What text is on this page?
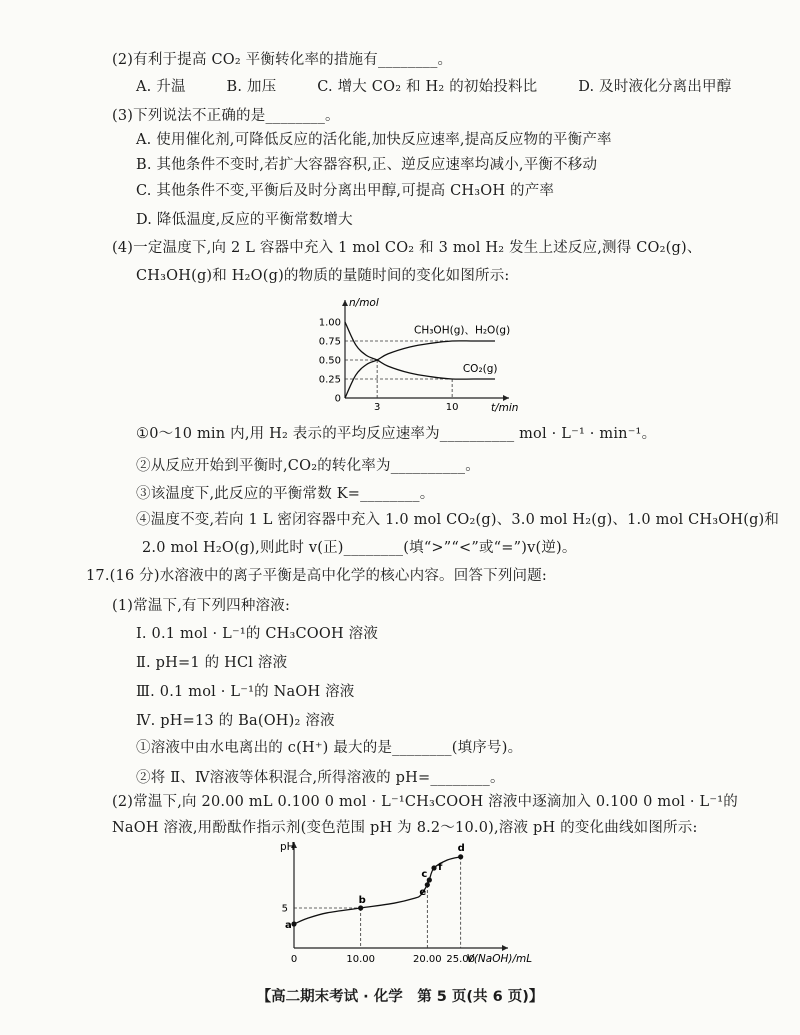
(2)有利于提高 CO₂ 平衡转化率的措施有________。
A. 升温	B. 加压	C. 增大 CO₂ 和 H₂ 的初始投料比	D. 及时液化分离出甲醇
(3)下列说法不正确的是________。
A. 使用催化剂,可降低反应的活化能,加快反应速率,提高反应物的平衡产率
B. 其他条件不变时,若扩大容器容积,正、逆反应速率均减小,平衡不移动
C. 其他条件不变,平衡后及时分离出甲醇,可提高 CH₃OH 的产率
D. 降低温度,反应的平衡常数增大
(4)一定温度下,向 2 L 容器中充入 1 mol CO₂ 和 3 mol H₂ 发生上述反应,测得 CO₂(g)、
CH₃OH(g)和 H₂O(g)的物质的量随时间的变化如图所示:
n/mol
t/min
1.00
0.75
0.50
0.25
0
3	10
CH₃OH(g)、H₂O(g)
CO₂(g)
①0～10 min 内,用 H₂ 表示的平均反应速率为__________ mol · L⁻¹ · min⁻¹。
②从反应开始到平衡时,CO₂的转化率为__________。
③该温度下,此反应的平衡常数 K=________。
④温度不变,若向 1 L 密闭容器中充入 1.0 mol CO₂(g)、3.0 mol H₂(g)、1.0 mol CH₃OH(g)和
2.0 mol H₂O(g),则此时 v(正)________(填“>”“<”或“=”)v(逆)。
17.(16 分)水溶液中的离子平衡是高中化学的核心内容。回答下列问题:
(1)常温下,有下列四种溶液:
Ⅰ. 0.1 mol · L⁻¹的 CH₃COOH 溶液
Ⅱ. pH=1 的 HCl 溶液
Ⅲ. 0.1 mol · L⁻¹的 NaOH 溶液
Ⅳ. pH=13 的 Ba(OH)₂ 溶液
①溶液中由水电离出的 c(H⁺) 最大的是________(填序号)。
②将 Ⅱ、Ⅳ溶液等体积混合,所得溶液的 pH=________。
(2)常温下,向 20.00 mL 0.100 0 mol · L⁻¹CH₃COOH 溶液中逐滴加入 0.100 0 mol · L⁻¹的
NaOH 溶液,用酚酞作指示剂(变色范围 pH 为 8.2～10.0),溶液 pH 的变化曲线如图所示:
pH
V(NaOH)/mL
0	10.00	20.00 25.00
5
a
b
e
c
f
d
【高二期末考试 · 化学　第 5 页(共 6 页)】
